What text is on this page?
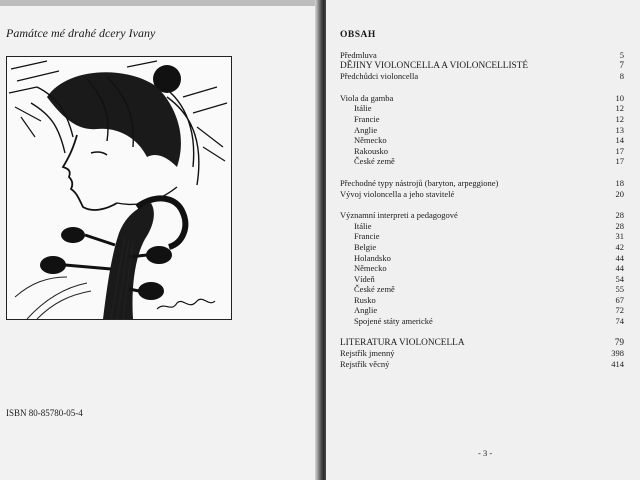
Památce mé drahé dcery Ivany
ISBN 80-85780-05-4
OBSAH
Předmluva	5
DĚJINY VIOLONCELLA A VIOLONCELLISTÉ	7
Předchůdci violoncella	8
Viola da gamba	10
Itálie	12
Francie	12
Anglie	13
Německo	14
Rakousko	17
České země	17
Přechodné typy nástrojů (baryton, arpeggione)	18
Vývoj violoncella a jeho stavitelé	20
Významní interpreti a pedagogové	28
Itálie	28
Francie	31
Belgie	42
Holandsko	44
Německo	44
Vídeň	54
České země	55
Rusko	67
Anglie	72
Spojené státy americké	74
LITERATURA VIOLONCELLA	79
Rejstřík jmenný	398
Rejstřík věcný	414
- 3 -
